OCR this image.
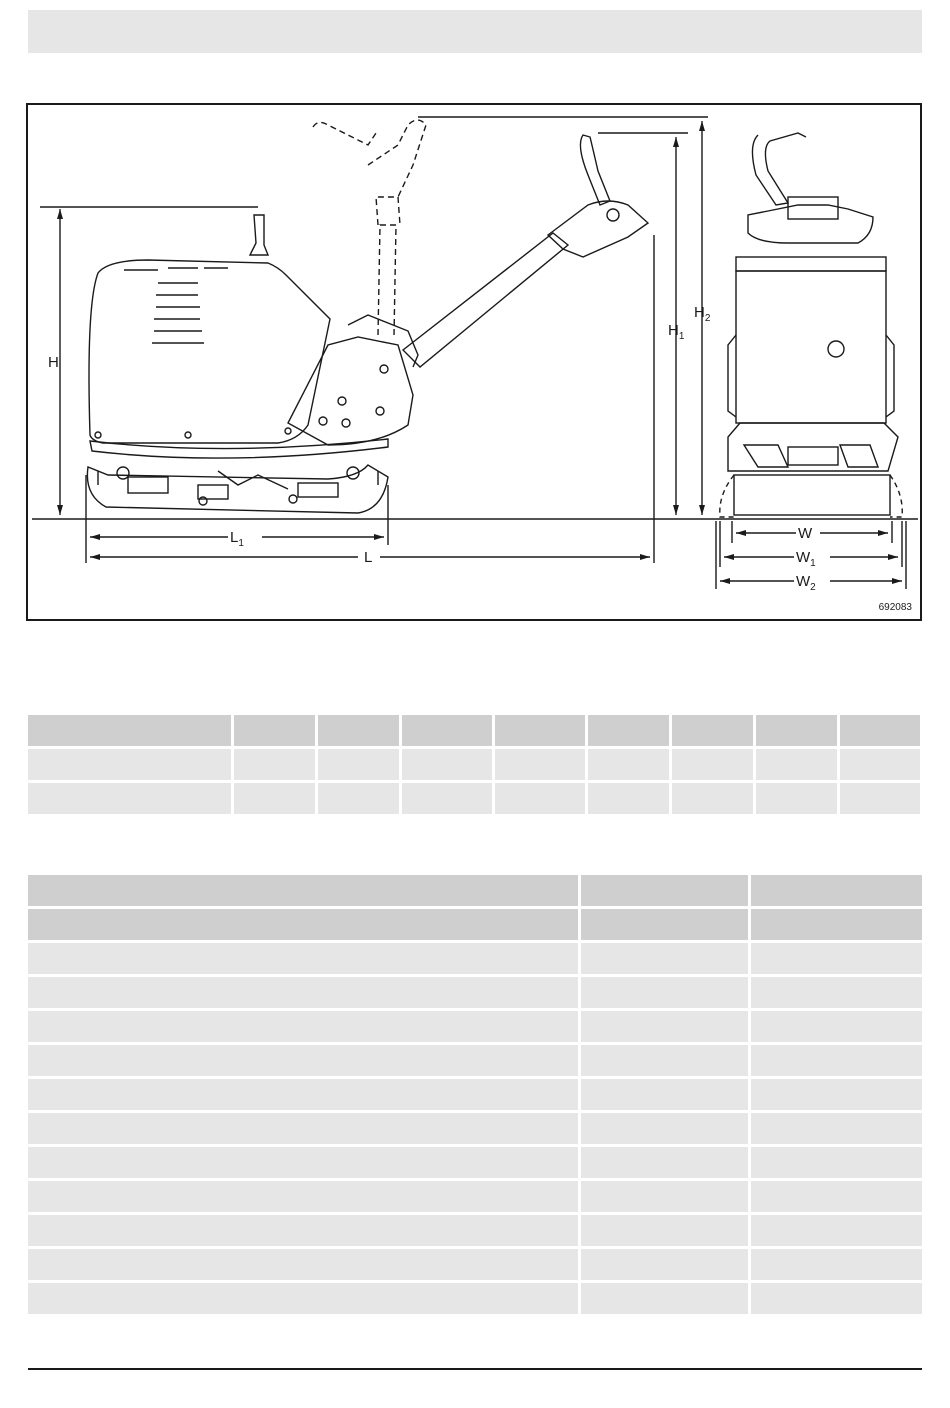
H
$H_1$
$H_2$
$L_1$
L
W
$W_1$
$W_2$
692083
